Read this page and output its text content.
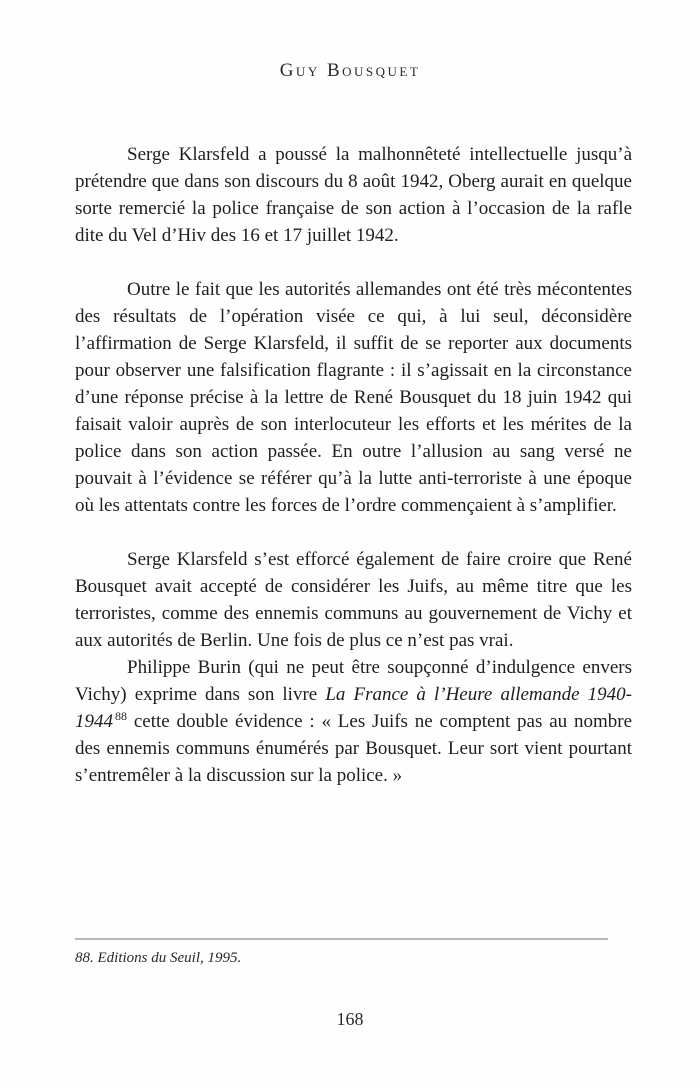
Guy Bousquet

Serge Klarsfeld a poussé la malhonnêteté intellectuelle jusqu’à prétendre que dans son discours du 8 août 1942, Oberg aurait en quelque sorte remercié la police française de son action à l’occasion de la rafle dite du Vel d’Hiv des 16 et 17 juillet 1942.

Outre le fait que les autorités allemandes ont été très mécontentes des résultats de l’opération visée ce qui, à lui seul, déconsidère l’affirmation de Serge Klarsfeld, il suffit de se reporter aux documents pour observer une falsification flagrante : il s’agissait en la circonstance d’une réponse précise à la lettre de René Bousquet du 18 juin 1942 qui faisait valoir auprès de son interlocuteur les efforts et les mérites de la police dans son action passée. En outre l’allusion au sang versé ne pouvait à l’évidence se référer qu’à la lutte anti-terroriste à une époque où les attentats contre les forces de l’ordre commençaient à s’amplifier.

Serge Klarsfeld s’est efforcé également de faire croire que René Bousquet avait accepté de considérer les Juifs, au même titre que les terroristes, comme des ennemis communs au gouvernement de Vichy et aux autorités de Berlin. Une fois de plus ce n’est pas vrai.

Philippe Burin (qui ne peut être soupçonné d’indulgence envers Vichy) exprime dans son livre La France à l’Heure allemande 1940-1944 $^{88}$ cette double évidence : « Les Juifs ne comptent pas au nombre des ennemis communs énumérés par Bousquet. Leur sort vient pourtant s’entremêler à la discussion sur la police. »

88. Editions du Seuil, 1995.
168
